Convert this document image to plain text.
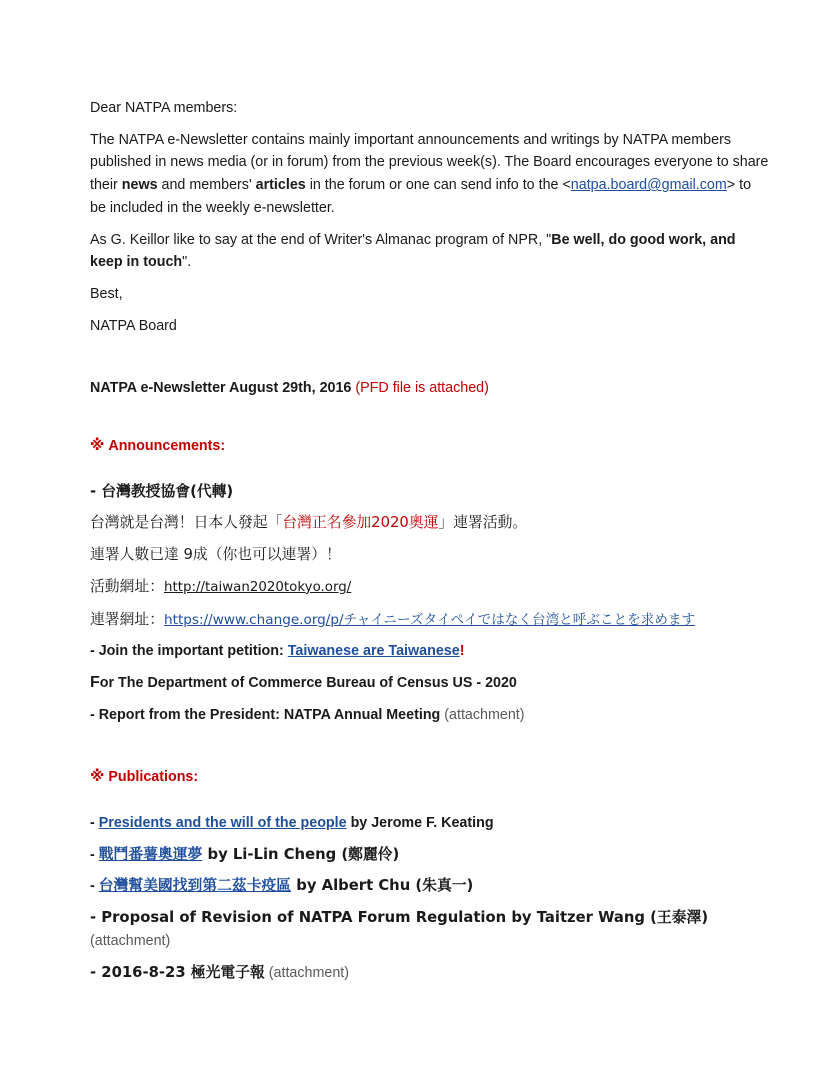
Dear NATPA members:

The NATPA e-Newsletter contains mainly important announcements and writings by NATPA members published in news media (or in forum) from the previous week(s). The Board encourages everyone to share their news and members' articles in the forum or one can send info to the <natpa.board@gmail.com> to be included in the weekly e-newsletter.

As G. Keillor like to say at the end of Writer's Almanac program of NPR, "Be well, do good work, and keep in touch".

Best,

NATPA Board

NATPA e-Newsletter August 29th, 2016 (PFD file is attached)

※ Announcements:

- 台灣教授協會(代轉)

台灣就是台灣！日本人發起「台灣正名參加2020奧運」連署活動。

連署人數已達 9成（你也可以連署）！

活動網址：http://taiwan2020tokyo.org/

連署網址：https://www.change.org/p/チャイニーズタイペイではなく台湾と呼ぶことを求めます

- Join the important petition: Taiwanese are Taiwanese!

For The Department of Commerce Bureau of Census US - 2020

- Report from the President: NATPA Annual Meeting (attachment)

※ Publications:

- Presidents and the will of the people by Jerome F. Keating

- 戰鬥番薯奧運夢 by Li-Lin Cheng (鄭麗伶)

- 台灣幫美國找到第二茲卡疫區 by Albert Chu (朱真一)

- Proposal of Revision of NATPA Forum Regulation by Taitzer Wang (王泰澤) (attachment)

- 2016-8-23 極光電子報 (attachment)
